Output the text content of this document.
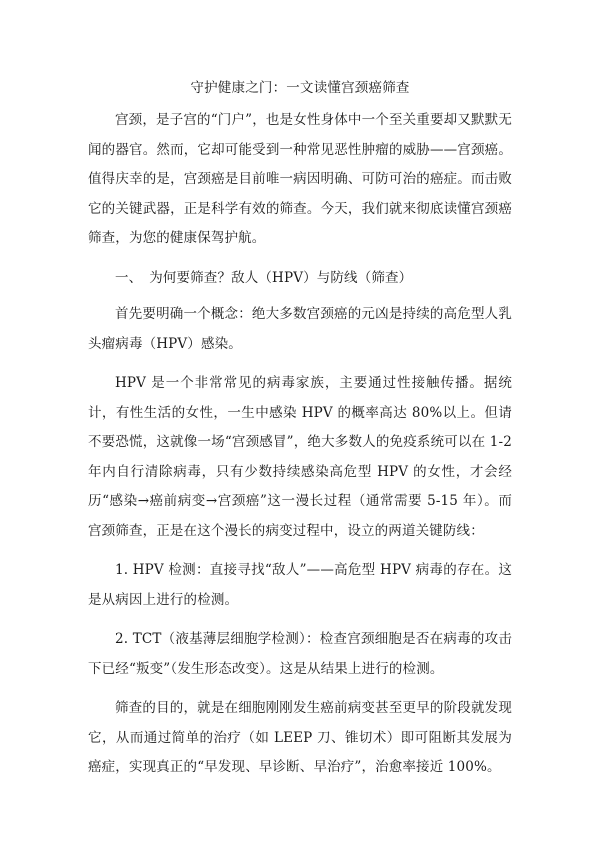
守护健康之门：一文读懂宫颈癌筛查

宫颈，是子宫的“门户”，也是女性身体中一个至关重要却又默默无闻的器官。然而，它却可能受到一种常见恶性肿瘤的威胁——宫颈癌。值得庆幸的是，宫颈癌是目前唯一病因明确、可防可治的癌症。而击败它的关键武器，正是科学有效的筛查。今天，我们就来彻底读懂宫颈癌筛查，为您的健康保驾护航。

一、　为何要筛查？敌人（HPV）与防线（筛查）

首先要明确一个概念：绝大多数宫颈癌的元凶是持续的高危型人乳头瘤病毒（HPV）感染。

HPV 是一个非常常见的病毒家族，主要通过性接触传播。据统计，有性生活的女性，一生中感染 HPV 的概率高达 80%以上。但请不要恐慌，这就像一场“宫颈感冒”，绝大多数人的免疫系统可以在 1-2 年内自行清除病毒，只有少数持续感染高危型 HPV 的女性，才会经历“感染→癌前病变→宫颈癌”这一漫长过程（通常需要 5-15 年）。而宫颈筛查，正是在这个漫长的病变过程中，设立的两道关键防线：

1. HPV 检测：直接寻找“敌人”——高危型 HPV 病毒的存在。这是从病因上进行的检测。

2. TCT（液基薄层细胞学检测）：检查宫颈细胞是否在病毒的攻击下已经“叛变”（发生形态改变）。这是从结果上进行的检测。

筛查的目的，就是在细胞刚刚发生癌前病变甚至更早的阶段就发现它，从而通过简单的治疗（如 LEEP 刀、锥切术）即可阻断其发展为癌症，实现真正的“早发现、早诊断、早治疗”，治愈率接近 100%。
